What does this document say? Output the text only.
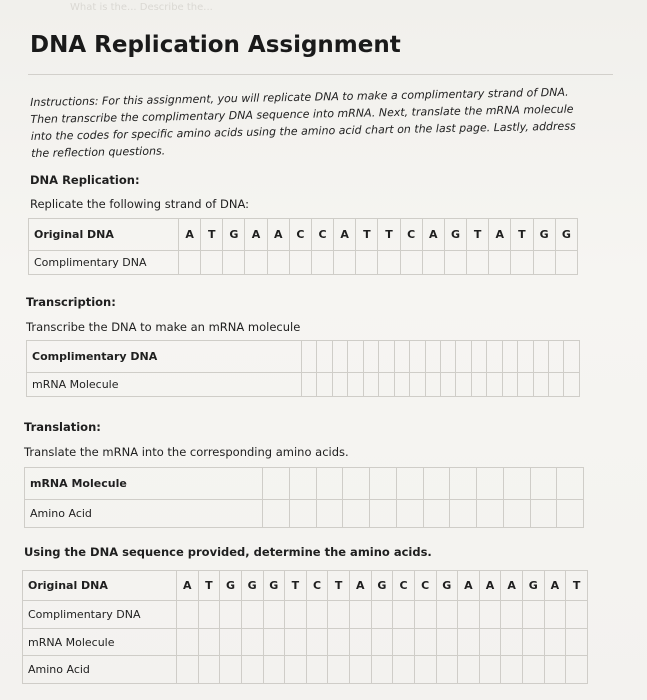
What is the... Describe the...
DNA Replication Assignment
Instructions: For this assignment, you will replicate DNA to make a complimentary strand of DNA. Then transcribe the complimentary DNA sequence into mRNA. Next, translate the mRNA molecule into the codes for specific amino acids using the amino acid chart on the last page. Lastly, address the reflection questions.
DNA Replication:
Replicate the following strand of DNA:
Original DNA	A	T	G	A	A	C	C	A	T	T	C	A	G	T	A	T	G	G
Complimentary DNA																		
Transcription:
Transcribe the DNA to make an mRNA molecule
Complimentary DNA																		
mRNA Molecule																		
Translation:
Translate the mRNA into the corresponding amino acids.
mRNA Molecule												
Amino Acid												
Using the DNA sequence provided, determine the amino acids.
Original DNA	A	T	G	G	G	T	C	T	A	G	C	C	G	A	A	A	G	A	T
Complimentary DNA																			
mRNA Molecule																			
Amino Acid																			
